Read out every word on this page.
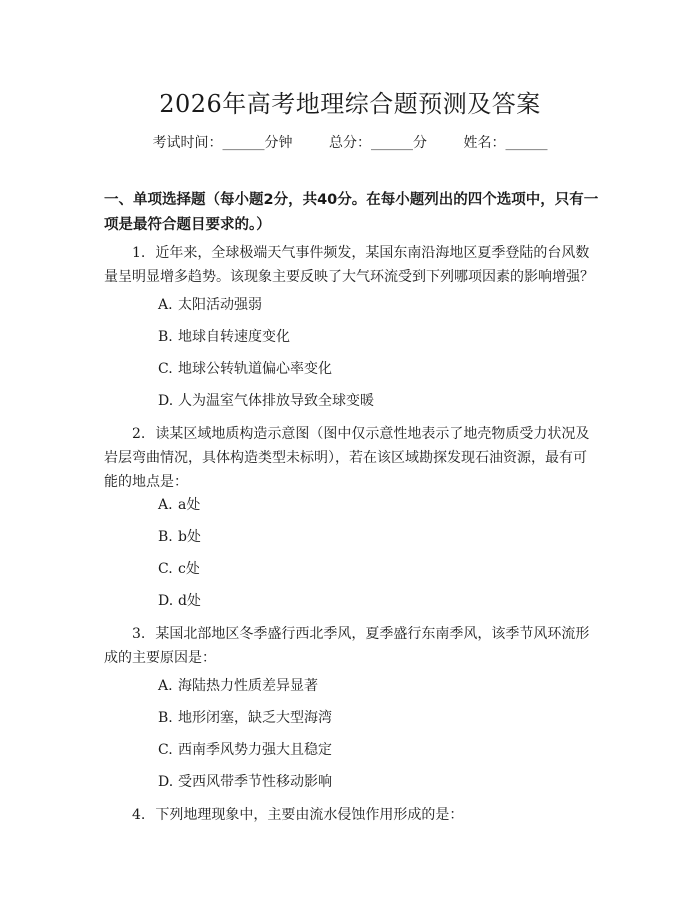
2026年高考地理综合题预测及答案
考试时间：______分钟	总分：______分	姓名：______
一、单项选择题（每小题2分，共40分。在每小题列出的四个选项中，只有一项是最符合题目要求的。）
1. 近年来，全球极端天气事件频发，某国东南沿海地区夏季登陆的台风数量呈明显增多趋势。该现象主要反映了大气环流受到下列哪项因素的影响增强？
A. 太阳活动强弱
B. 地球自转速度变化
C. 地球公转轨道偏心率变化
D. 人为温室气体排放导致全球变暖
2. 读某区域地质构造示意图（图中仅示意性地表示了地壳物质受力状况及岩层弯曲情况，具体构造类型未标明），若在该区域勘探发现石油资源，最有可能的地点是：
A. a处
B. b处
C. c处
D. d处
3. 某国北部地区冬季盛行西北季风，夏季盛行东南季风，该季节风环流形成的主要原因是：
A. 海陆热力性质差异显著
B. 地形闭塞，缺乏大型海湾
C. 西南季风势力强大且稳定
D. 受西风带季节性移动影响
4. 下列地理现象中，主要由流水侵蚀作用形成的是：
